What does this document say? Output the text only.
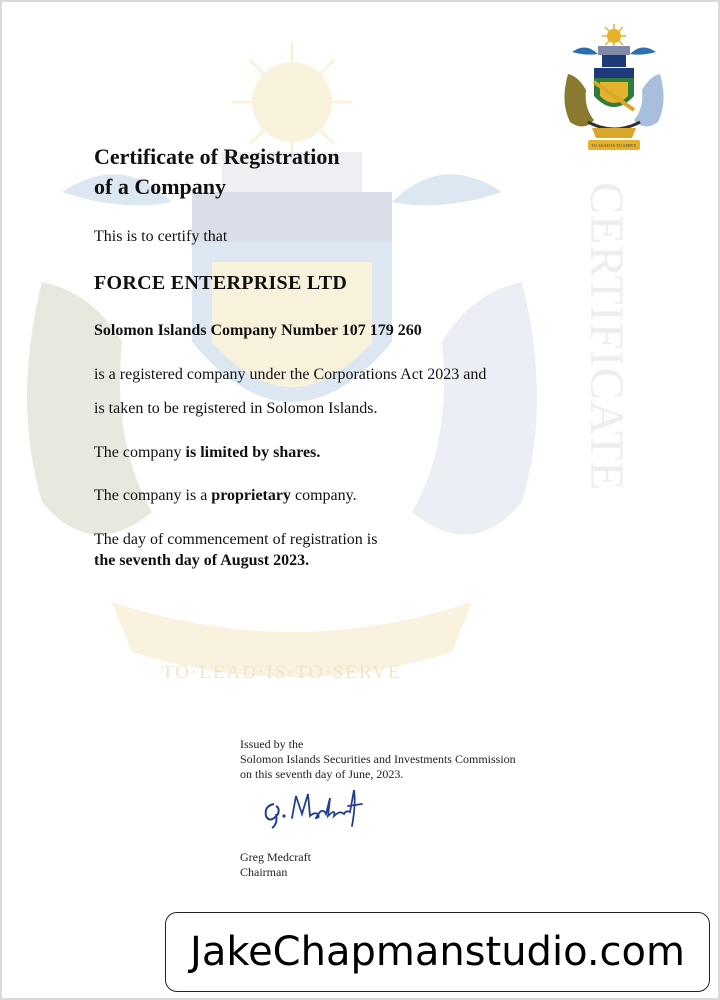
CERTIFICATE
TO·LEAD·IS·TO·SERVE
TO LEAD IS TO SERVE
Certificate of Registration
of a Company
This is to certify that
FORCE ENTERPRISE LTD
Solomon Islands Company Number 107 179 260
is a registered company under the Corporations Act 2023 and
is taken to be registered in Solomon Islands.
The company is limited by shares.
The company is a proprietary company.
The day of commencement of registration is
the seventh day of August 2023.
Issued by the
Solomon Islands Securities and Investments Commission
on this seventh day of June, 2023.
Greg Medcraft
Chairman
JakeChapmanstudio.com
